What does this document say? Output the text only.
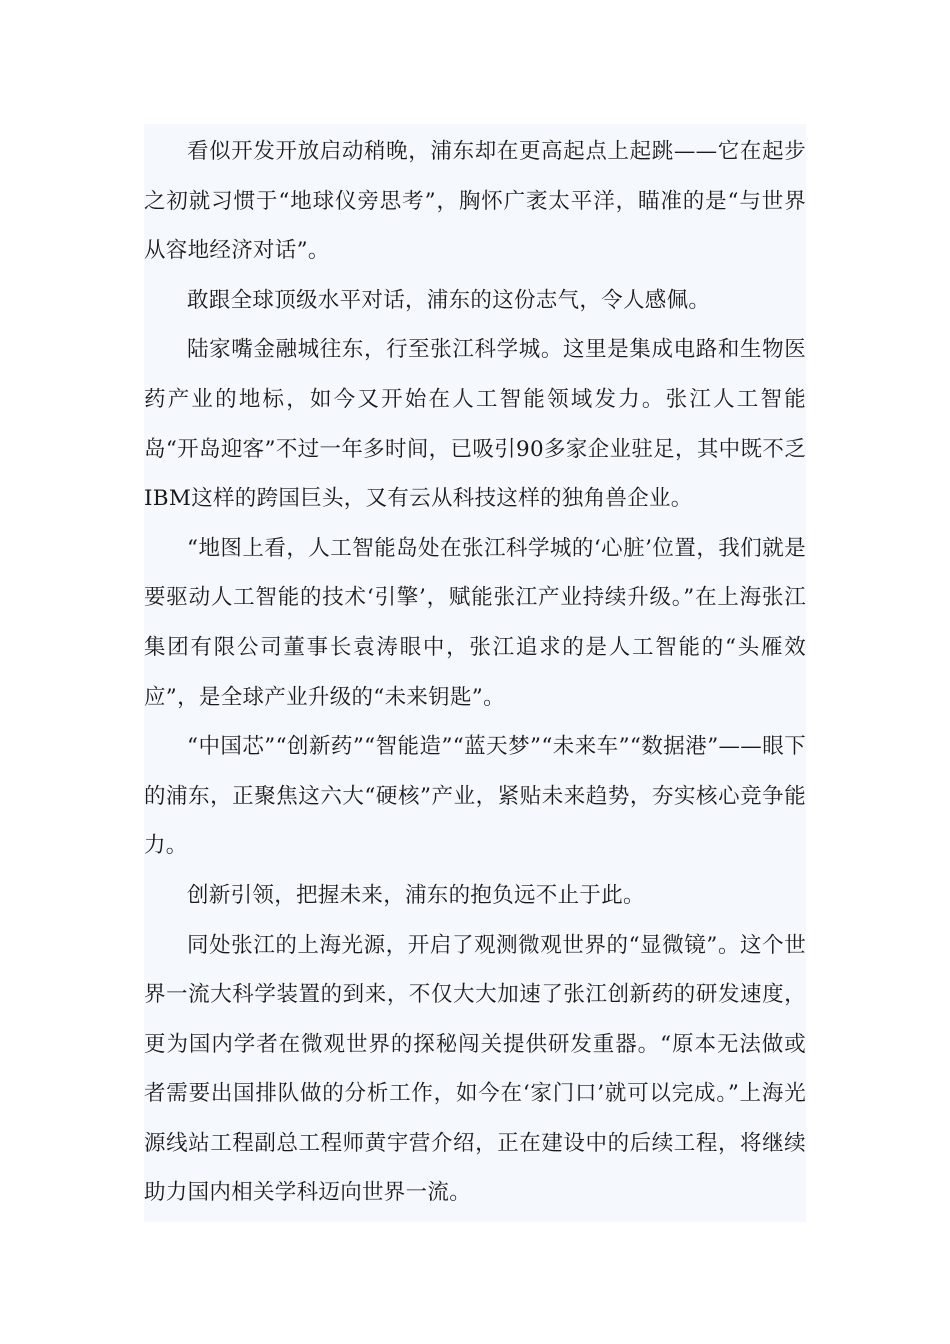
看似开发开放启动稍晚，浦东却在更高起点上起跳——它在起步之初就习惯于“地球仪旁思考”，胸怀广袤太平洋，瞄准的是“与世界从容地经济对话”。

敢跟全球顶级水平对话，浦东的这份志气，令人感佩。

陆家嘴金融城往东，行至张江科学城。这里是集成电路和生物医药产业的地标，如今又开始在人工智能领域发力。张江人工智能岛“开岛迎客”不过一年多时间，已吸引90多家企业驻足，其中既不乏IBM这样的跨国巨头，又有云从科技这样的独角兽企业。

“地图上看，人工智能岛处在张江科学城的‘心脏’位置，我们就是要驱动人工智能的技术‘引擎’，赋能张江产业持续升级。”在上海张江集团有限公司董事长袁涛眼中，张江追求的是人工智能的“头雁效应”，是全球产业升级的“未来钥匙”。

“中国芯”“创新药”“智能造”“蓝天梦”“未来车”“数据港”——眼下的浦东，正聚焦这六大“硬核”产业，紧贴未来趋势，夯实核心竞争能力。

创新引领，把握未来，浦东的抱负远不止于此。

同处张江的上海光源，开启了观测微观世界的“显微镜”。这个世界一流大科学装置的到来，不仅大大加速了张江创新药的研发速度，更为国内学者在微观世界的探秘闯关提供研发重器。“原本无法做或者需要出国排队做的分析工作，如今在‘家门口’就可以完成。”上海光源线站工程副总工程师黄宇营介绍，正在建设中的后续工程，将继续助力国内相关学科迈向世界一流。
